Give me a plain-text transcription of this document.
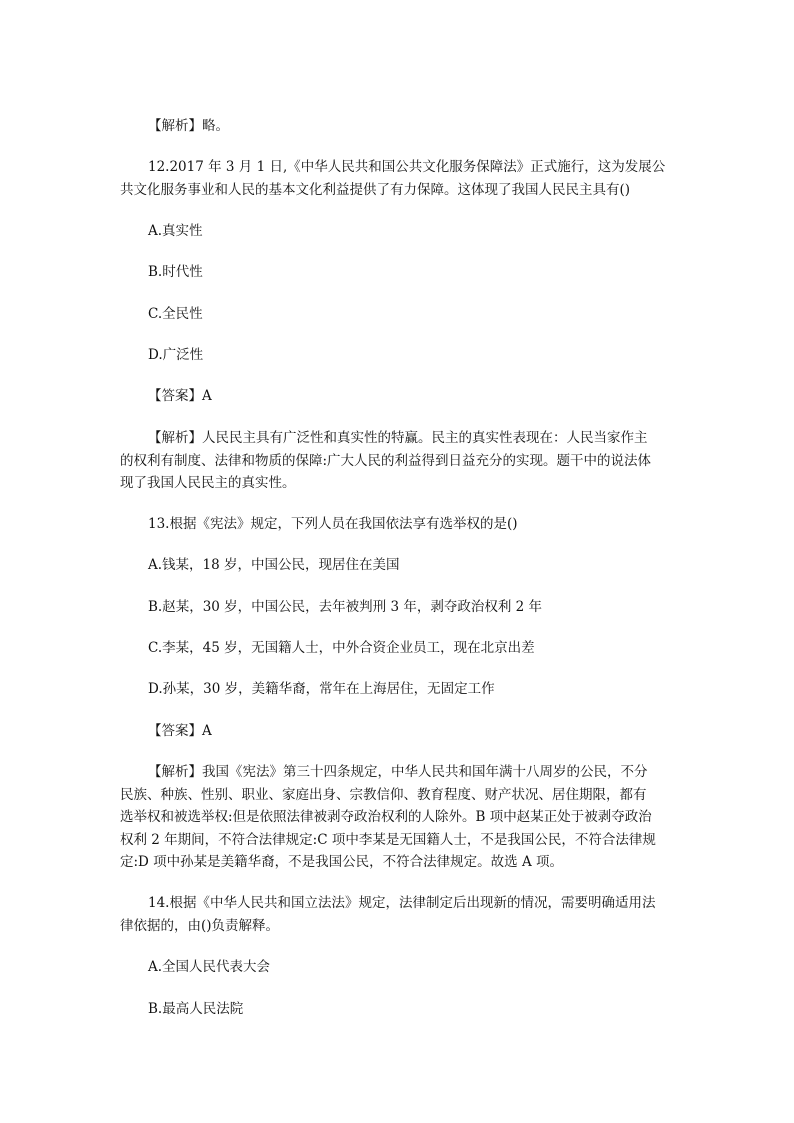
【解析】略。
12.2017 年 3 月 1 日,《中华人民共和国公共文化服务保障法》正式施行，这为发展公
共文化服务事业和人民的基本文化利益提供了有力保障。这体现了我国人民民主具有()
A.真实性
B.时代性
C.全民性
D.广泛性
【答案】A
【解析】人民民主具有广泛性和真实性的特赢。民主的真实性表现在：人民当家作主
的权利有制度、法律和物质的保障:广大人民的利益得到日益充分的实现。题干中的说法体
现了我国人民民主的真实性。
13.根据《宪法》规定，下列人员在我国依法享有选举权的是()
A.钱某，18 岁，中国公民，现居住在美国
B.赵某，30 岁，中国公民，去年被判刑 3 年，剥夺政治权利 2 年
C.李某，45 岁，无国籍人士，中外合资企业员工，现在北京出差
D.孙某，30 岁，美籍华裔，常年在上海居住，无固定工作
【答案】A
【解析】我国《宪法》第三十四条规定，中华人民共和国年满十八周岁的公民，不分
民族、种族、性别、职业、家庭出身、宗教信仰、教育程度、财产状况、居住期限，都有
选举权和被选举权:但是依照法律被剥夺政治权利的人除外。B 项中赵某正处于被剥夺政治
权利 2 年期间，不符合法律规定:C 项中李某是无国籍人士，不是我国公民，不符合法律规
定:D 项中孙某是美籍华裔，不是我国公民，不符合法律规定。故选 A 项。
14.根据《中华人民共和国立法法》规定，法律制定后出现新的情况，需要明确适用法
律依据的，由()负责解释。
A.全国人民代表大会
B.最高人民法院
